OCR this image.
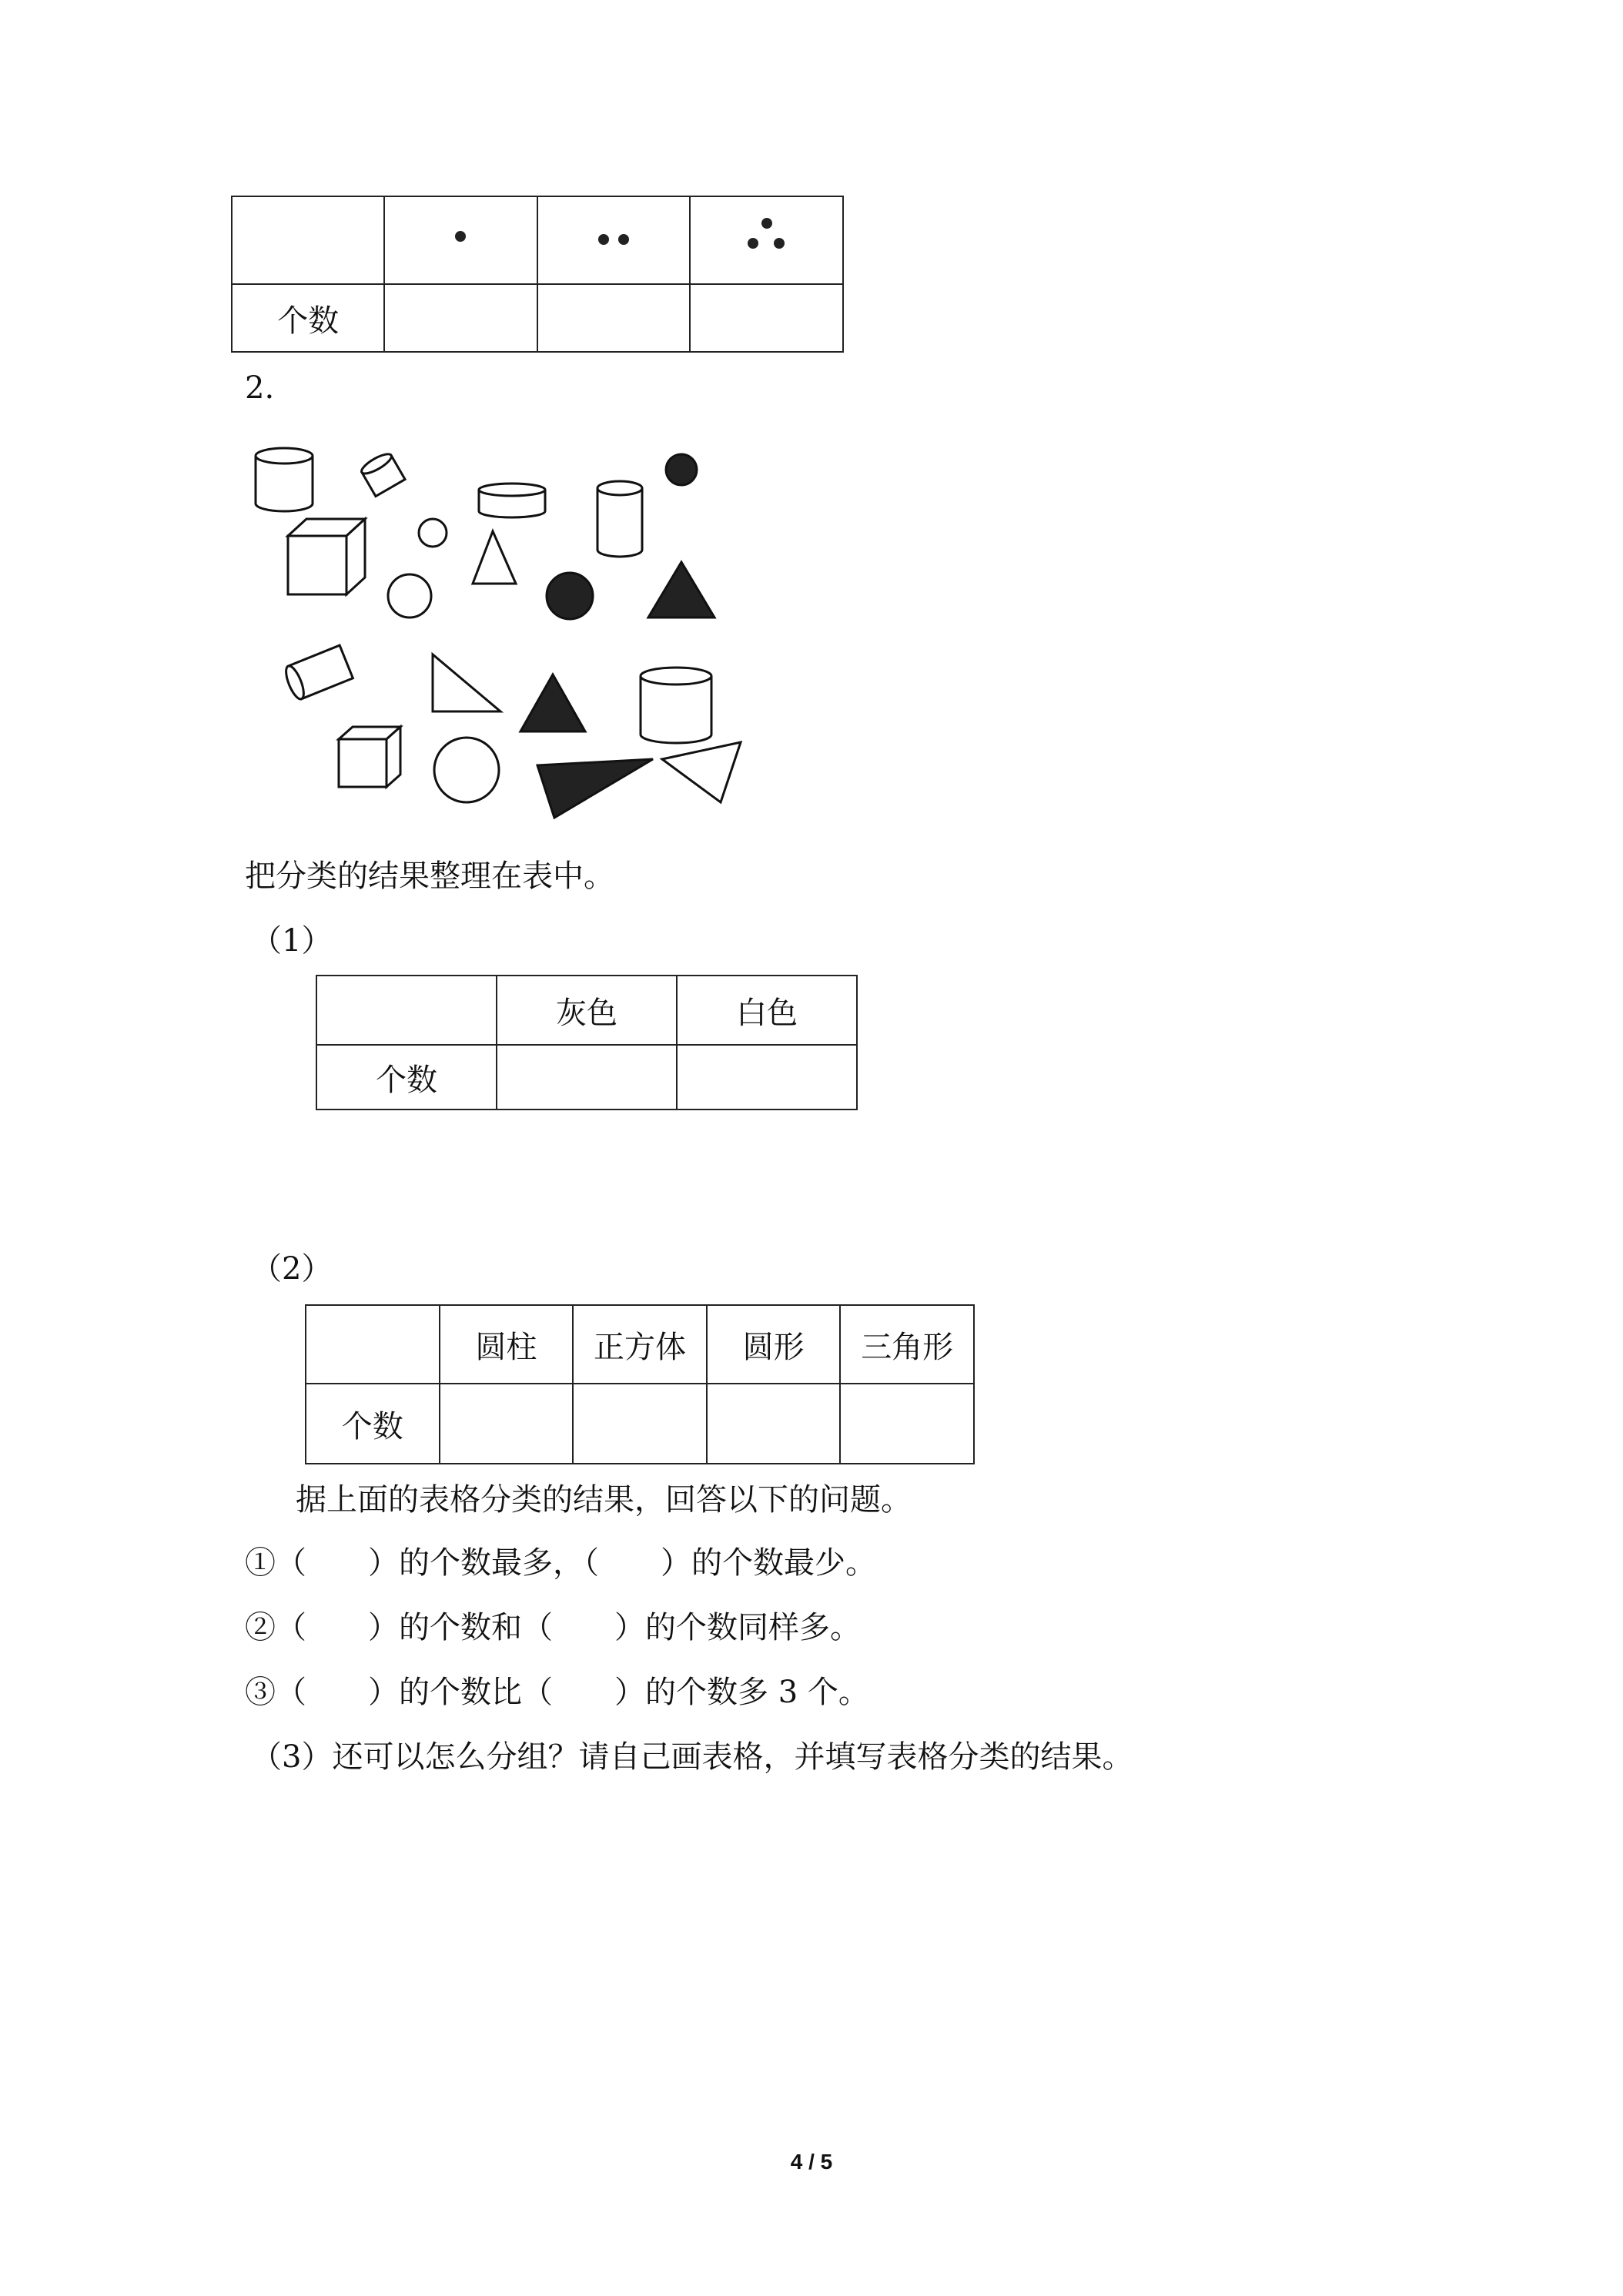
个数			
2.
把分类的结果整理在表中。
（1）
	灰色	白色
个数		
（2）
	圆柱	正方体	圆形	三角形
个数				
据上面的表格分类的结果，回答以下的问题。
①（　　）的个数最多，（　　）的个数最少。
②（　　）的个数和（　　）的个数同样多。
③（　　）的个数比（　　）的个数多 3 个。
（3）还可以怎么分组？请自己画表格，并填写表格分类的结果。
4 / 5
